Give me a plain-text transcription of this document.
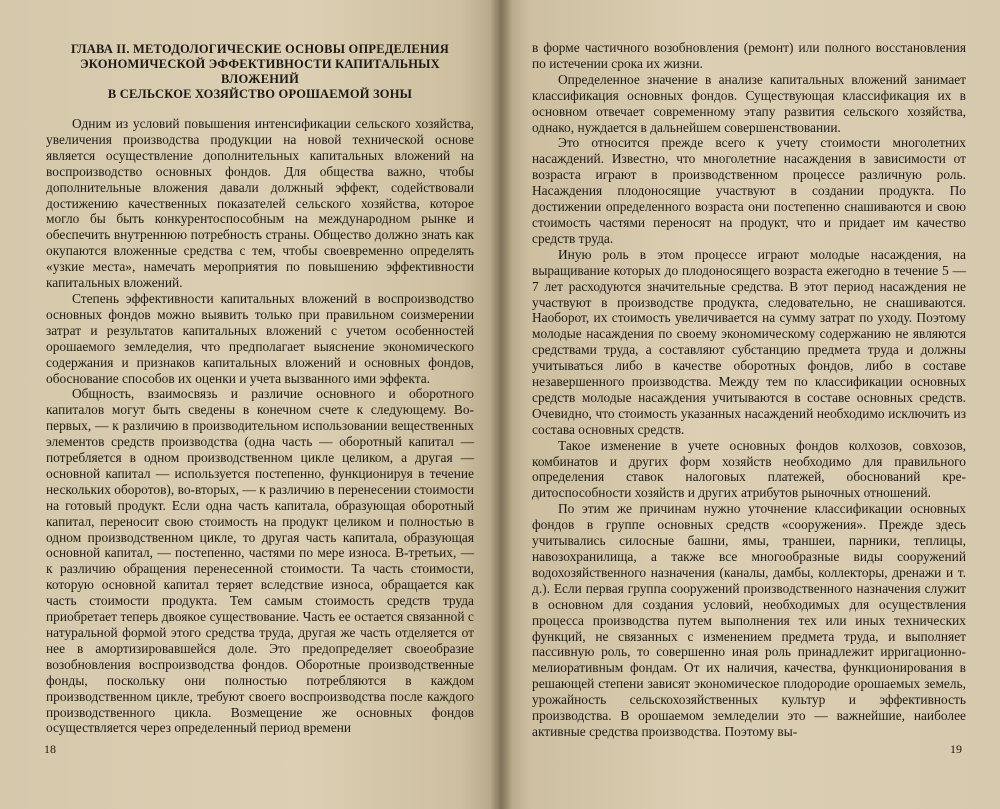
ГЛАВА II. МЕТОДОЛОГИЧЕСКИЕ ОСНОВЫ ОПРЕДЕЛЕНИЯ
ЭКОНОМИЧЕСКОЙ ЭФФЕКТИВНОСТИ КАПИТАЛЬНЫХ ВЛОЖЕНИЙ
В СЕЛЬСКОЕ ХОЗЯЙСТВО ОРОШАЕМОЙ ЗОНЫ

Одним из условий повышения интенсификации сельского хозяйства, увеличения производства продукции на новой технической основе является осуществление дополнительных капитальных вложений на воспроизводство основных фондов. Для общества важно, чтобы дополнительные вложения давали должный эффект, содействовали достижению качественных показателей сельского хозяйства, которое могло бы быть конкурентоспособным на международном рынке и обеспечить внутреннюю потребность страны. Общество должно знать как окупаются вложенные средства с тем, чтобы своевременно определять «узкие места», намечать мероприятия по повышению эффективности капитальных вложений.

Степень эффективности капитальных вложений в воспроизводство основных фондов можно выявить только при правильном соизмерении затрат и результатов капитальных вложений с учетом особенностей орошаемого земледелия, что предполагает выяснение экономического содержания и признаков капитальных вложений и основных фондов, обоснование способов их оценки и учета вызванного ими эффекта.

Общность, взаимосвязь и различие основного и оборотного капиталов могут быть сведены в конечном счете к следующему. Во-первых, — к различию в производительном использовании вещественных элементов средств производства (одна часть — оборотный капитал — потребляется в одном производственном цикле целиком, а другая — основной капитал — используется постепенно, функционируя в течение нескольких оборотов), во-вторых, — к различию в перенесении стоимости на готовый продукт. Если одна часть капитала, образующая оборотный капитал, переносит свою стоимость на продукт целиком и полностью в одном производственном цикле, то другая часть капитала, образующая основной капитал, — постепенно, частями по мере износа. В-третьих, — к различию обращения перенесенной стоимости. Та часть стоимости, которую основной капитал теряет вследствие износа, обращается как часть стоимости продукта. Тем самым стоимость средств труда приобретает теперь двоякое существование. Часть ее остается связанной с натуральной формой этого средства труда, другая же часть отделяется от нее в амортизировавшейся доле. Это предопределяет своеобразие возобновления воспроизводства фондов. Оборотные производственные фонды, поскольку они полностью потребляются в каждом производственном цикле, требуют своего воспроизводства после каждого производственного цикла. Возмещение же основных фондов осуществляется через определенный период времени

18

в форме частичного возобновления (ремонт) или полного восстановления по истечении срока их жизни.

Определенное значение в анализе капитальных вложений занимает классификация основных фондов. Существующая классификация их в основном отвечает современному этапу развития сельского хозяйства, однако, нуждается в дальнейшем совершенствовании.

Это относится прежде всего к учету стоимости многолетних насаждений. Известно, что многолетние насаждения в зависимости от возраста играют в производственном процессе различную роль. Насаждения плодоносящие участвуют в создании продукта. По достижении определенного возраста они постепенно снашиваются и свою стоимость частями переносят на продукт, что и придает им качество средств труда.

Иную роль в этом процессе играют молодые насаждения, на выращивание которых до плодоносящего возраста ежегодно в течение 5 — 7 лет расходуются значительные средства. В этот период насаждения не участвуют в производстве продукта, следовательно, не снашиваются. Наоборот, их стоимость увеличивается на сумму затрат по уходу. Поэтому молодые насаждения по своему экономическому содержанию не являются средствами труда, а составляют субстанцию предмета труда и должны учитываться либо в качестве оборотных фондов, либо в составе незавершенного производства. Между тем по классификации основных средств молодые насаждения учитываются в составе основных средств. Очевидно, что стоимость указанных насаждений необходимо исключить из состава основных средств.

Такое изменение в учете основных фондов колхозов, совхозов, комбинатов и других форм хозяйств необходимо для правильного определения ставок налоговых платежей, обоснований кредитоспособности хозяйств и других атрибутов рыночных отношений.

По этим же причинам нужно уточнение классификации основных фондов в группе основных средств «сооружения». Прежде здесь учитывались силосные башни, ямы, траншеи, парники, теплицы, навозохранилища, а также все многообразные виды сооружений водохозяйственного назначения (каналы, дамбы, коллекторы, дренажи и т. д.). Если первая группа сооружений производственного назначения служит в основном для создания условий, необходимых для осуществления процесса производства путем выполнения тех или иных технических функций, не связанных с изменением предмета труда, и выполняет пассивную роль, то совершенно иная роль принадлежит ирригационно-мелиоративным фондам. От их наличия, качества, функционирования в решающей степени зависят экономическое плодородие орошаемых земель, урожайность сельскохозяйственных культур и эффективность производства. В орошаемом земледелии это — важнейшие, наиболее активные средства производства. Поэтому вы-

19
